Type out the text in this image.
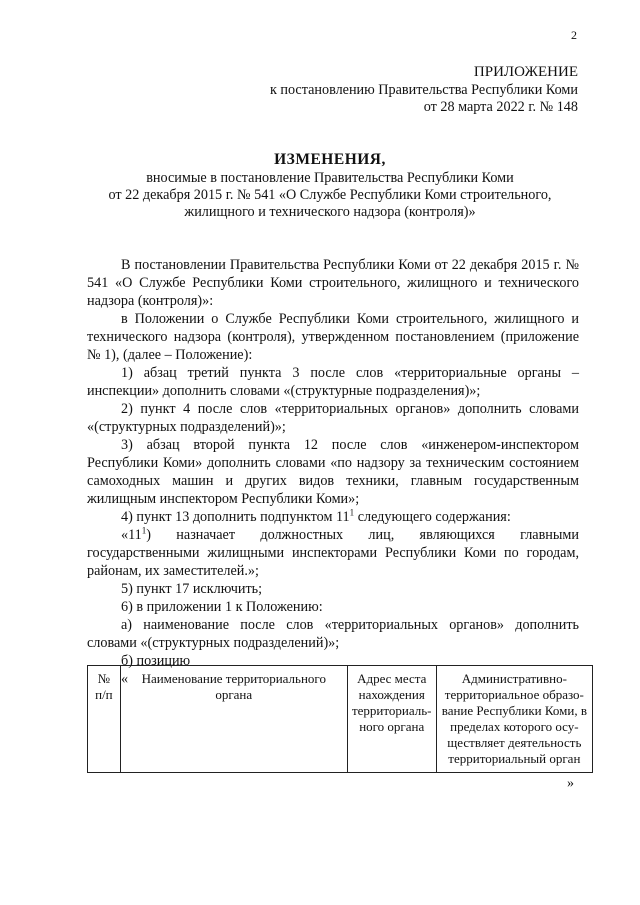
2
ПРИЛОЖЕНИЕ
к постановлению Правительства Республики Коми
от 28 марта 2022 г. № 148
ИЗМЕНЕНИЯ,
вносимые в постановление Правительства Республики Коми
от 22 декабря 2015 г. № 541 «О Службе Республики Коми строительного,
жилищного и технического надзора (контроля)»

В постановлении Правительства Республики Коми от 22 декабря 2015 г. № 541 «О Службе Республики Коми строительного, жилищного и технического надзора (контроля)»:

в Положении о Службе Республики Коми строительного, жилищного и технического надзора (контроля), утвержденном постановлением (приложение № 1), (далее – Положение):

1) абзац третий пункта 3 после слов «территориальные органы – инспекции» дополнить словами «(структурные подразделения)»;

2) пункт 4 после слов «территориальных органов» дополнить словами «(структурных подразделений)»;

3) абзац второй пункта 12 после слов «инженером-инспектором Республики Коми» дополнить словами «по надзору за техническим состоянием самоходных машин и других видов техники, главным государственным жилищным инспектором Республики Коми»;

4) пункт 13 дополнить подпунктом $11^1$ следующего содержания:

«$11^1$) назначает должностных лиц, являющихся главными государственными жилищными инспекторами Республики Коми по городам, районам, их заместителей.»;

5) пункт 17 исключить;

6) в приложении 1 к Положению:

а) наименование после слов «территориальных органов» дополнить словами «(структурных подразделений)»;

б) позицию

«
№ п/п	Наименование территориального органа	Адрес места нахождения территориаль-ного органа	Административно-территориальное образо-вание Республики Коми, в пределах которого осу-ществляет деятельность территориальный орган
»
